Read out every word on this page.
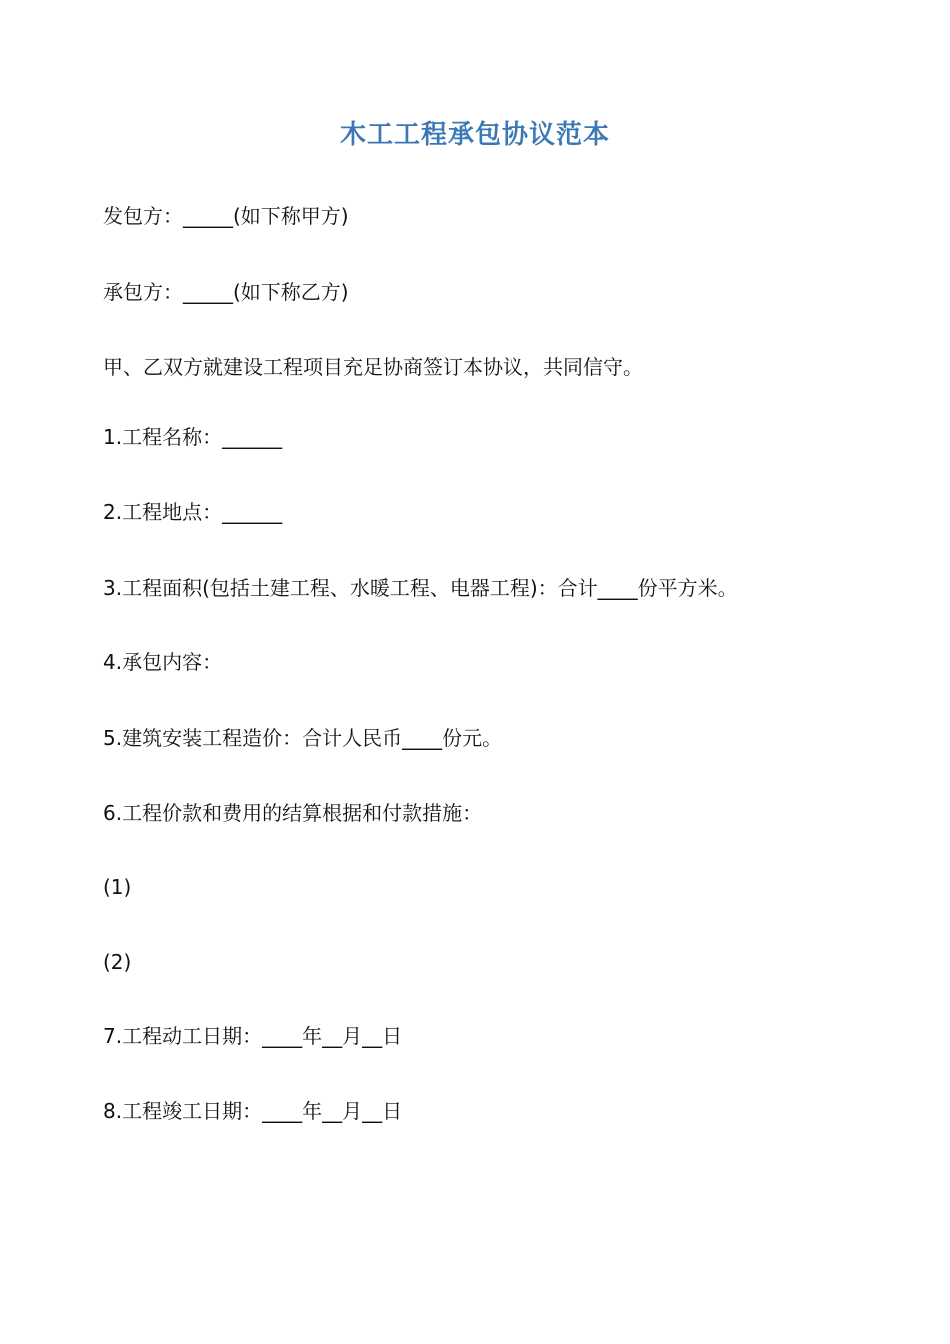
木工工程承包协议范本
发包方：_____(如下称甲方)
承包方：_____(如下称乙方)
甲、乙双方就建设工程项目充足协商签订本协议，共同信守。
1.工程名称：______
2.工程地点：______
3.工程面积(包括土建工程、水暖工程、电器工程)：合计____份平方米。
4.承包内容：
5.建筑安装工程造价：合计人民币____份元。
6.工程价款和费用的结算根据和付款措施：
(1)
(2)
7.工程动工日期：____年__月__日
8.工程竣工日期：____年__月__日
